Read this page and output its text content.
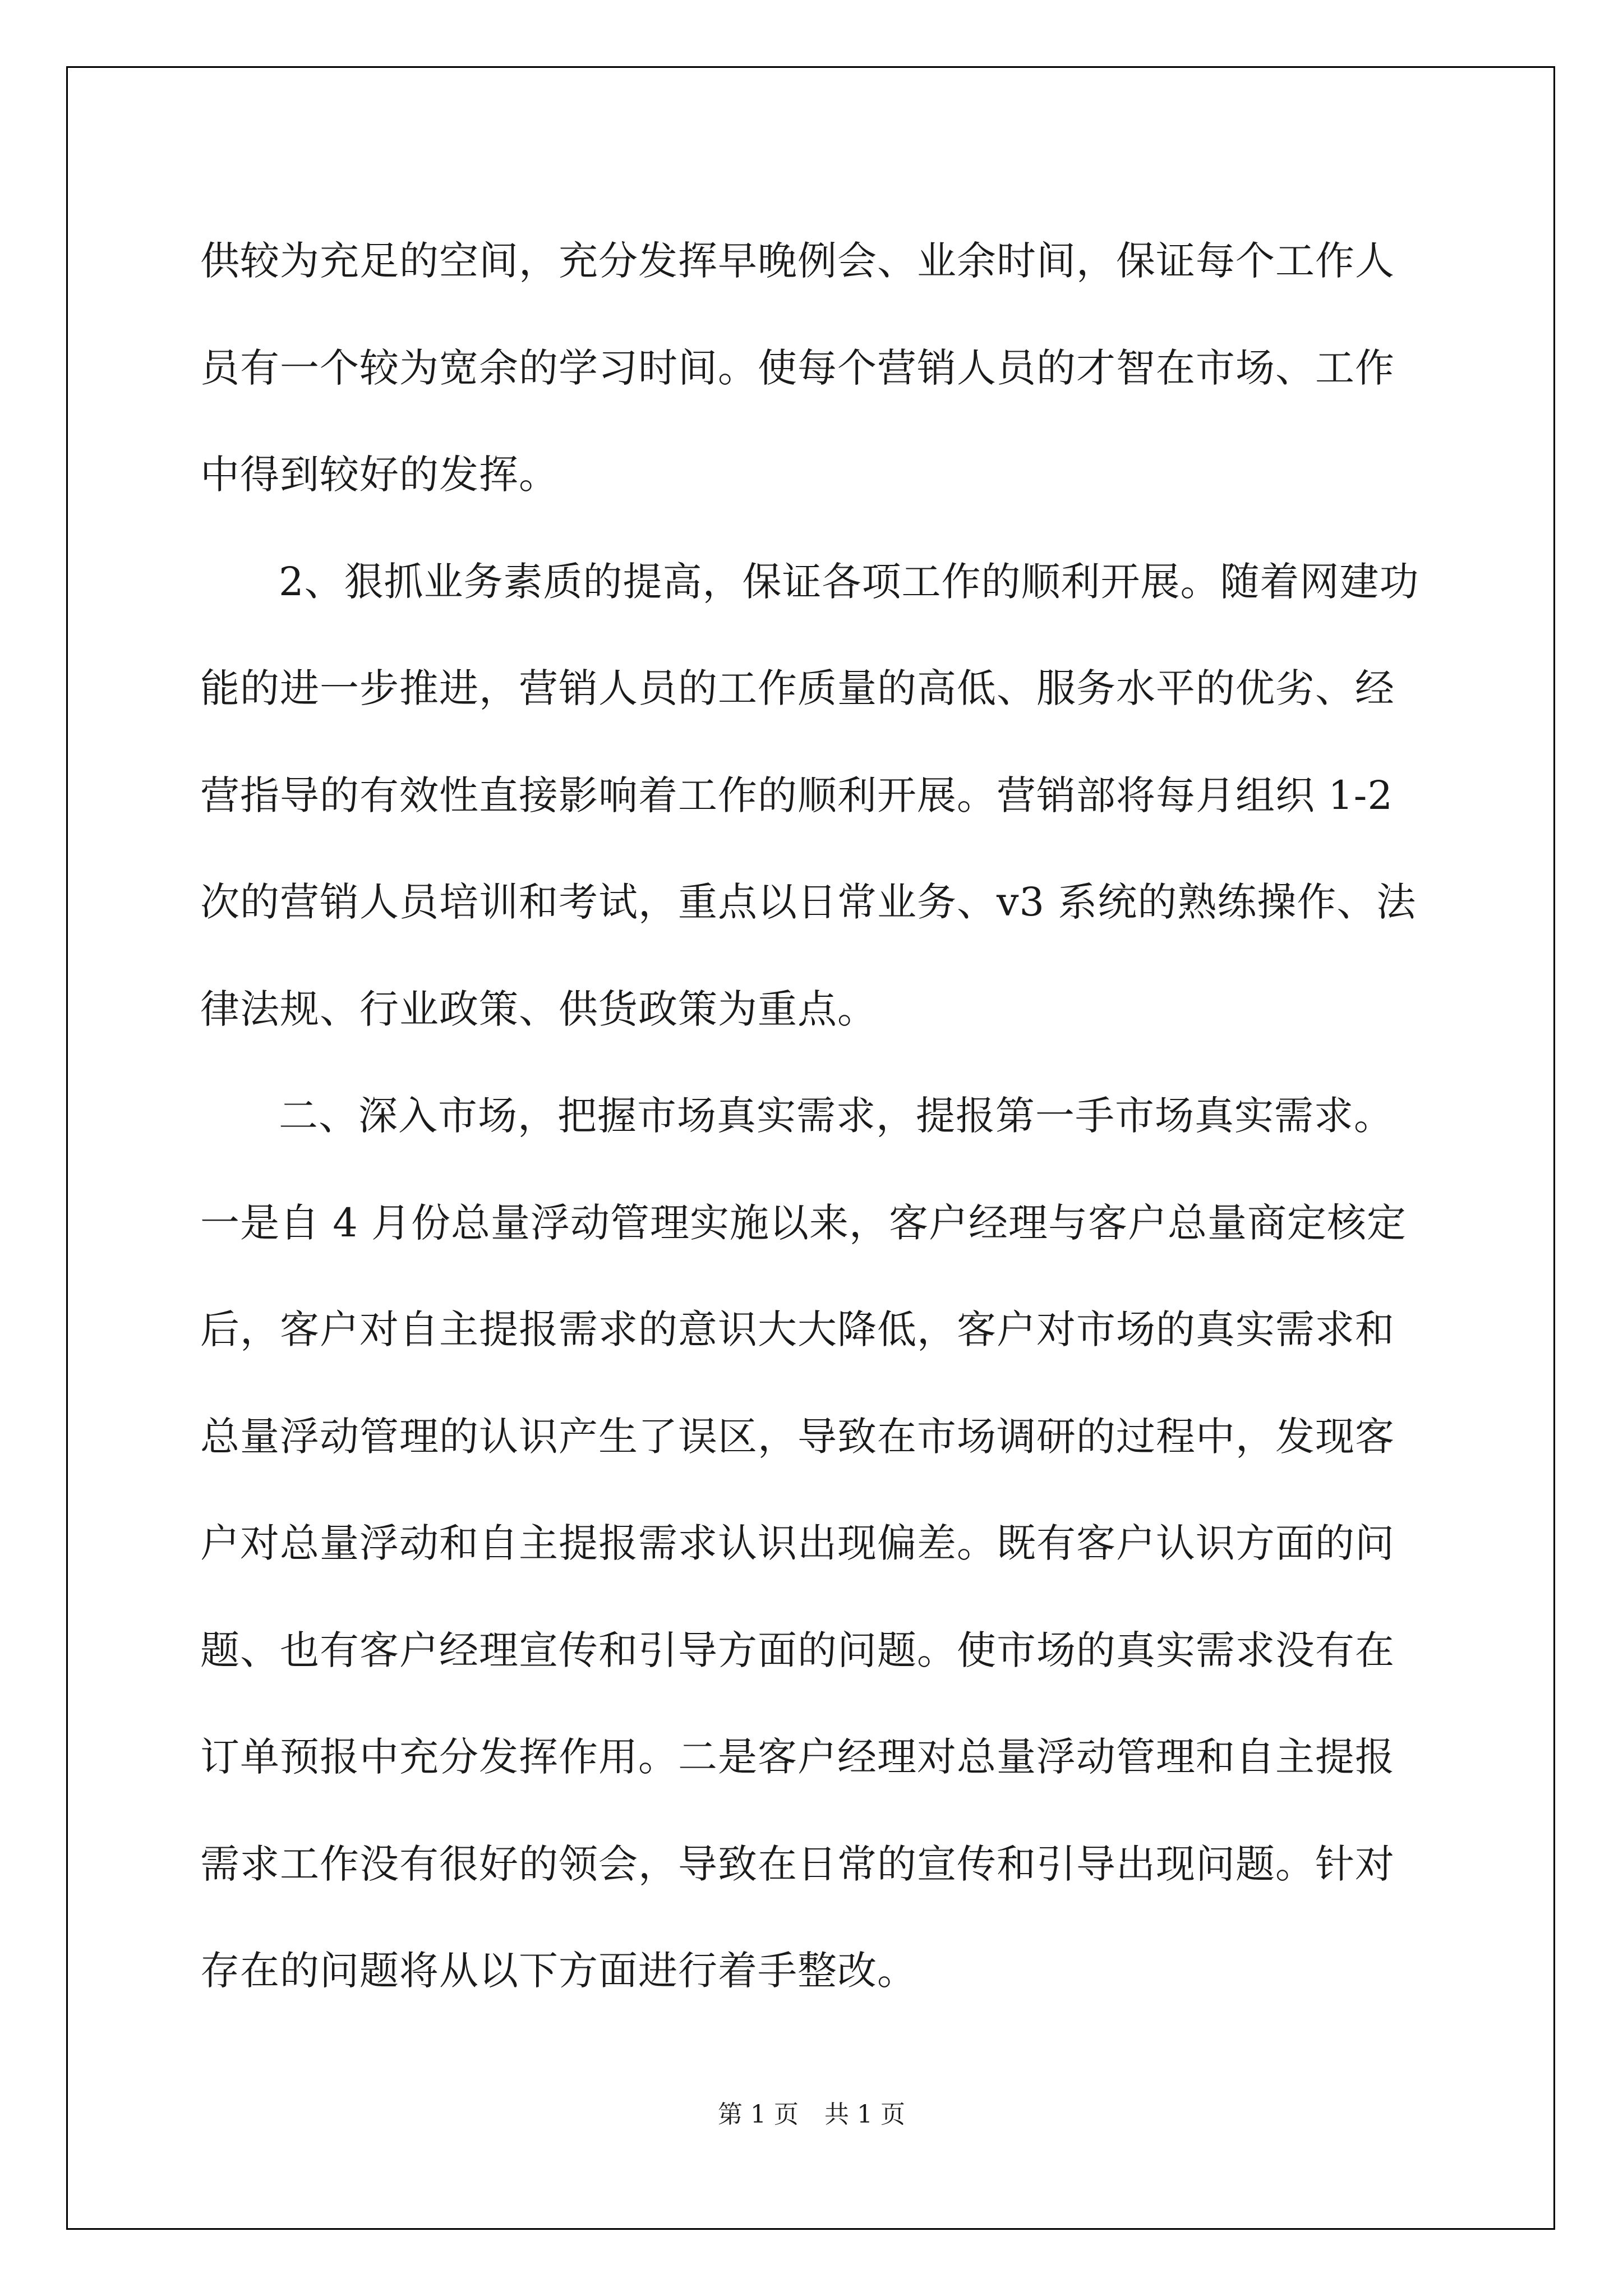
供较为充足的空间，充分发挥早晚例会、业余时间，保证每个工作人
员有一个较为宽余的学习时间。使每个营销人员的才智在市场、工作
中得到较好的发挥。
2、狠抓业务素质的提高，保证各项工作的顺利开展。随着网建功
能的进一步推进，营销人员的工作质量的高低、服务水平的优劣、经
营指导的有效性直接影响着工作的顺利开展。营销部将每月组织 1-2
次的营销人员培训和考试，重点以日常业务、v3 系统的熟练操作、法
律法规、行业政策、供货政策为重点。
二、深入市场，把握市场真实需求，提报第一手市场真实需求。
一是自 4 月份总量浮动管理实施以来，客户经理与客户总量商定核定
后，客户对自主提报需求的意识大大降低，客户对市场的真实需求和
总量浮动管理的认识产生了误区，导致在市场调研的过程中，发现客
户对总量浮动和自主提报需求认识出现偏差。既有客户认识方面的问
题、也有客户经理宣传和引导方面的问题。使市场的真实需求没有在
订单预报中充分发挥作用。二是客户经理对总量浮动管理和自主提报
需求工作没有很好的领会，导致在日常的宣传和引导出现问题。针对
存在的问题将从以下方面进行着手整改。
第 1 页 共 1 页
